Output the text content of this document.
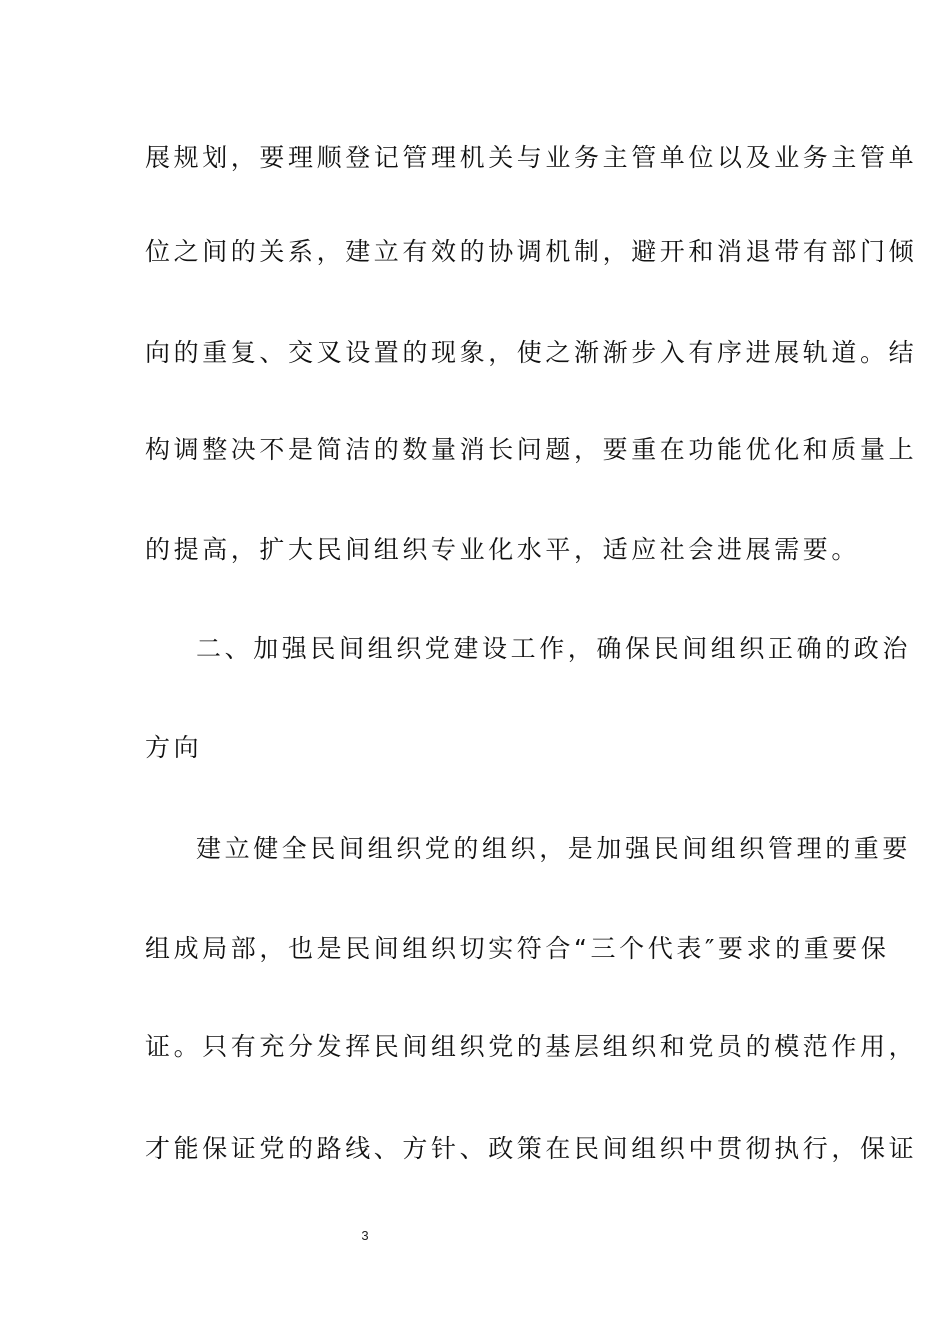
展规划，要理顺登记管理机关与业务主管单位以及业务主管单
位之间的关系，建立有效的协调机制，避开和消退带有部门倾
向的重复、交叉设置的现象，使之渐渐步入有序进展轨道。结
构调整决不是简洁的数量消长问题，要重在功能优化和质量上
的提高，扩大民间组织专业化水平，适应社会进展需要。
二、加强民间组织党建设工作，确保民间组织正确的政治
方向
建立健全民间组织党的组织，是加强民间组织管理的重要
组成局部，也是民间组织切实符合“三个代表″要求的重要保
证。只有充分发挥民间组织党的基层组织和党员的模范作用，
才能保证党的路线、方针、政策在民间组织中贯彻执行，保证
3
